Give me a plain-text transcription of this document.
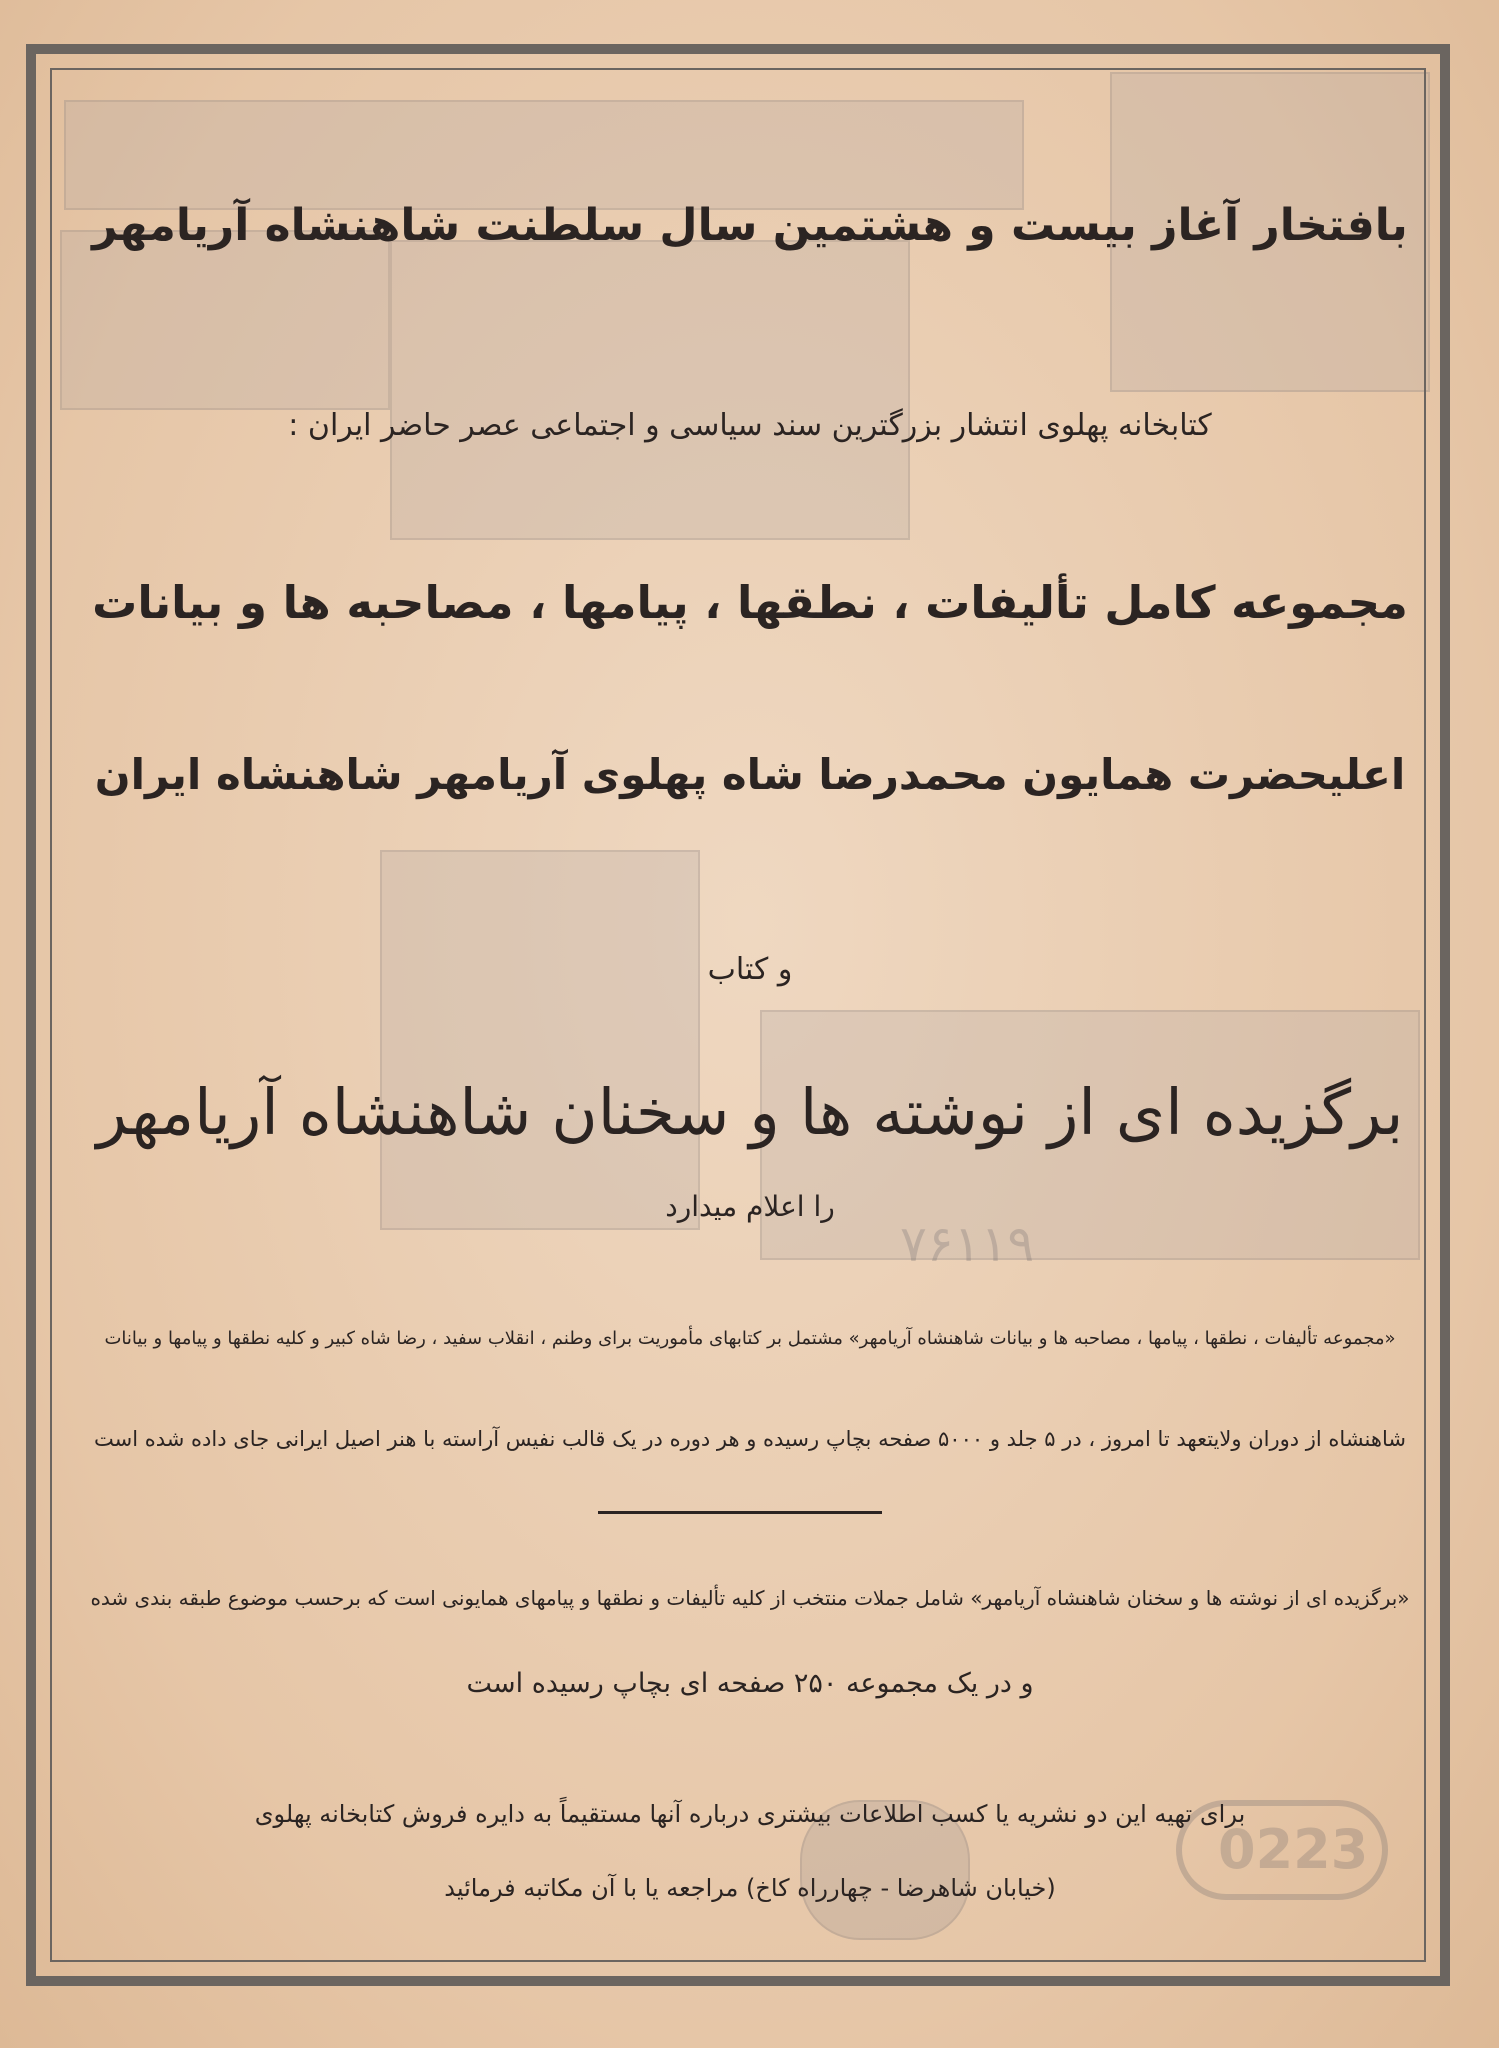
۷۶۱۱۹
0223
بافتخار آغاز بیست و هشتمین سال سلطنت شاهنشاه آریامهر
کتابخانه پهلوی انتشار بزرگترین سند سیاسی و اجتماعی عصر حاضر ایران :
مجموعه کامل تألیفات ، نطقها ، پیامها ، مصاحبه ها و بیانات
اعلیحضرت همایون محمدرضا شاه پهلوی آریامهر شاهنشاه ایران
و کتاب
برگزیده ای از نوشته ها و سخنان شاهنشاه آریامهر
را اعلام میدارد
«مجموعه تألیفات ، نطقها ، پیامها ، مصاحبه ها و بیانات شاهنشاه آریامهر» مشتمل بر کتابهای مأموریت برای وطنم ، انقلاب سفید ، رضا شاه کبیر و کلیه نطقها و پیامها و بیانات
شاهنشاه از دوران ولایتعهد تا امروز ، در ۵ جلد و ۵۰۰۰ صفحه بچاپ رسیده و هر دوره در یک قالب نفیس آراسته با هنر اصیل ایرانی جای داده شده است
«برگزیده ای از نوشته ها و سخنان شاهنشاه آریامهر» شامل جملات منتخب از کلیه تألیفات و نطقها و پیامهای همایونی است که برحسب موضوع طبقه بندی شده
و در یک مجموعه ۲۵۰ صفحه ای بچاپ رسیده است
برای تهیه این دو نشریه یا کسب اطلاعات بیشتری درباره آنها مستقیماً به دایره فروش کتابخانه پهلوی
(خیابان شاهرضا - چهارراه کاخ) مراجعه یا با آن مکاتبه فرمائید
